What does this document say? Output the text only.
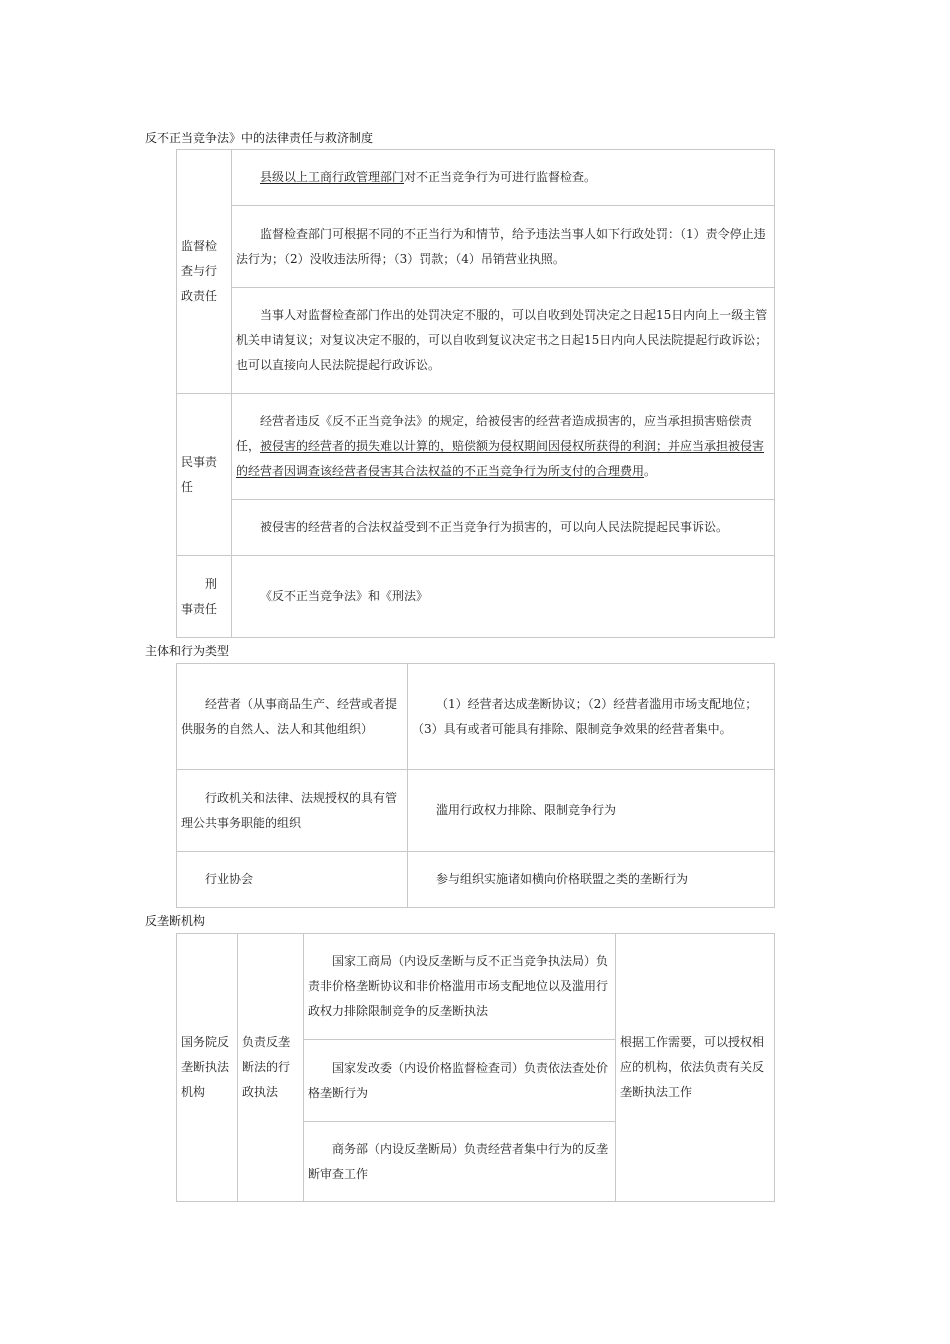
反不正当竞争法》中的法律责任与救济制度
监督检查与行政责任	县级以上工商行政管理部门对不正当竞争行为可进行监督检查。
	监督检查部门可根据不同的不正当行为和情节，给予违法当事人如下行政处罚：（1）责令停止违法行为；（2）没收违法所得；（3）罚款；（4）吊销营业执照。
	当事人对监督检查部门作出的处罚决定不服的，可以自收到处罚决定之日起15日内向上一级主管机关申请复议；对复议决定不服的，可以自收到复议决定书之日起15日内向人民法院提起行政诉讼；也可以直接向人民法院提起行政诉讼。
民事责任	经营者违反《反不正当竞争法》的规定，给被侵害的经营者造成损害的，应当承担损害赔偿责任，被侵害的经营者的损失难以计算的，赔偿额为侵权期间因侵权所获得的利润；并应当承担被侵害的经营者因调查该经营者侵害其合法权益的不正当竞争行为所支付的合理费用。
	被侵害的经营者的合法权益受到不正当竞争行为损害的，可以向人民法院提起民事诉讼。
刑事责任	《反不正当竞争法》和《刑法》
主体和行为类型
经营者（从事商品生产、经营或者提供服务的自然人、法人和其他组织）	（1）经营者达成垄断协议；（2）经营者滥用市场支配地位；（3）具有或者可能具有排除、限制竞争效果的经营者集中。
行政机关和法律、法规授权的具有管理公共事务职能的组织	滥用行政权力排除、限制竞争行为
行业协会	参与组织实施诸如横向价格联盟之类的垄断行为
反垄断机构
国务院反垄断执法机构	负责反垄断法的行政执法	国家工商局（内设反垄断与反不正当竞争执法局）负责非价格垄断协议和非价格滥用市场支配地位以及滥用行政权力排除限制竞争的反垄断执法	根据工作需要，可以授权相应的机构，依法负责有关反垄断执法工作
国家发改委（内设价格监督检查司）负责依法查处价格垄断行为
商务部（内设反垄断局）负责经营者集中行为的反垄断审查工作
